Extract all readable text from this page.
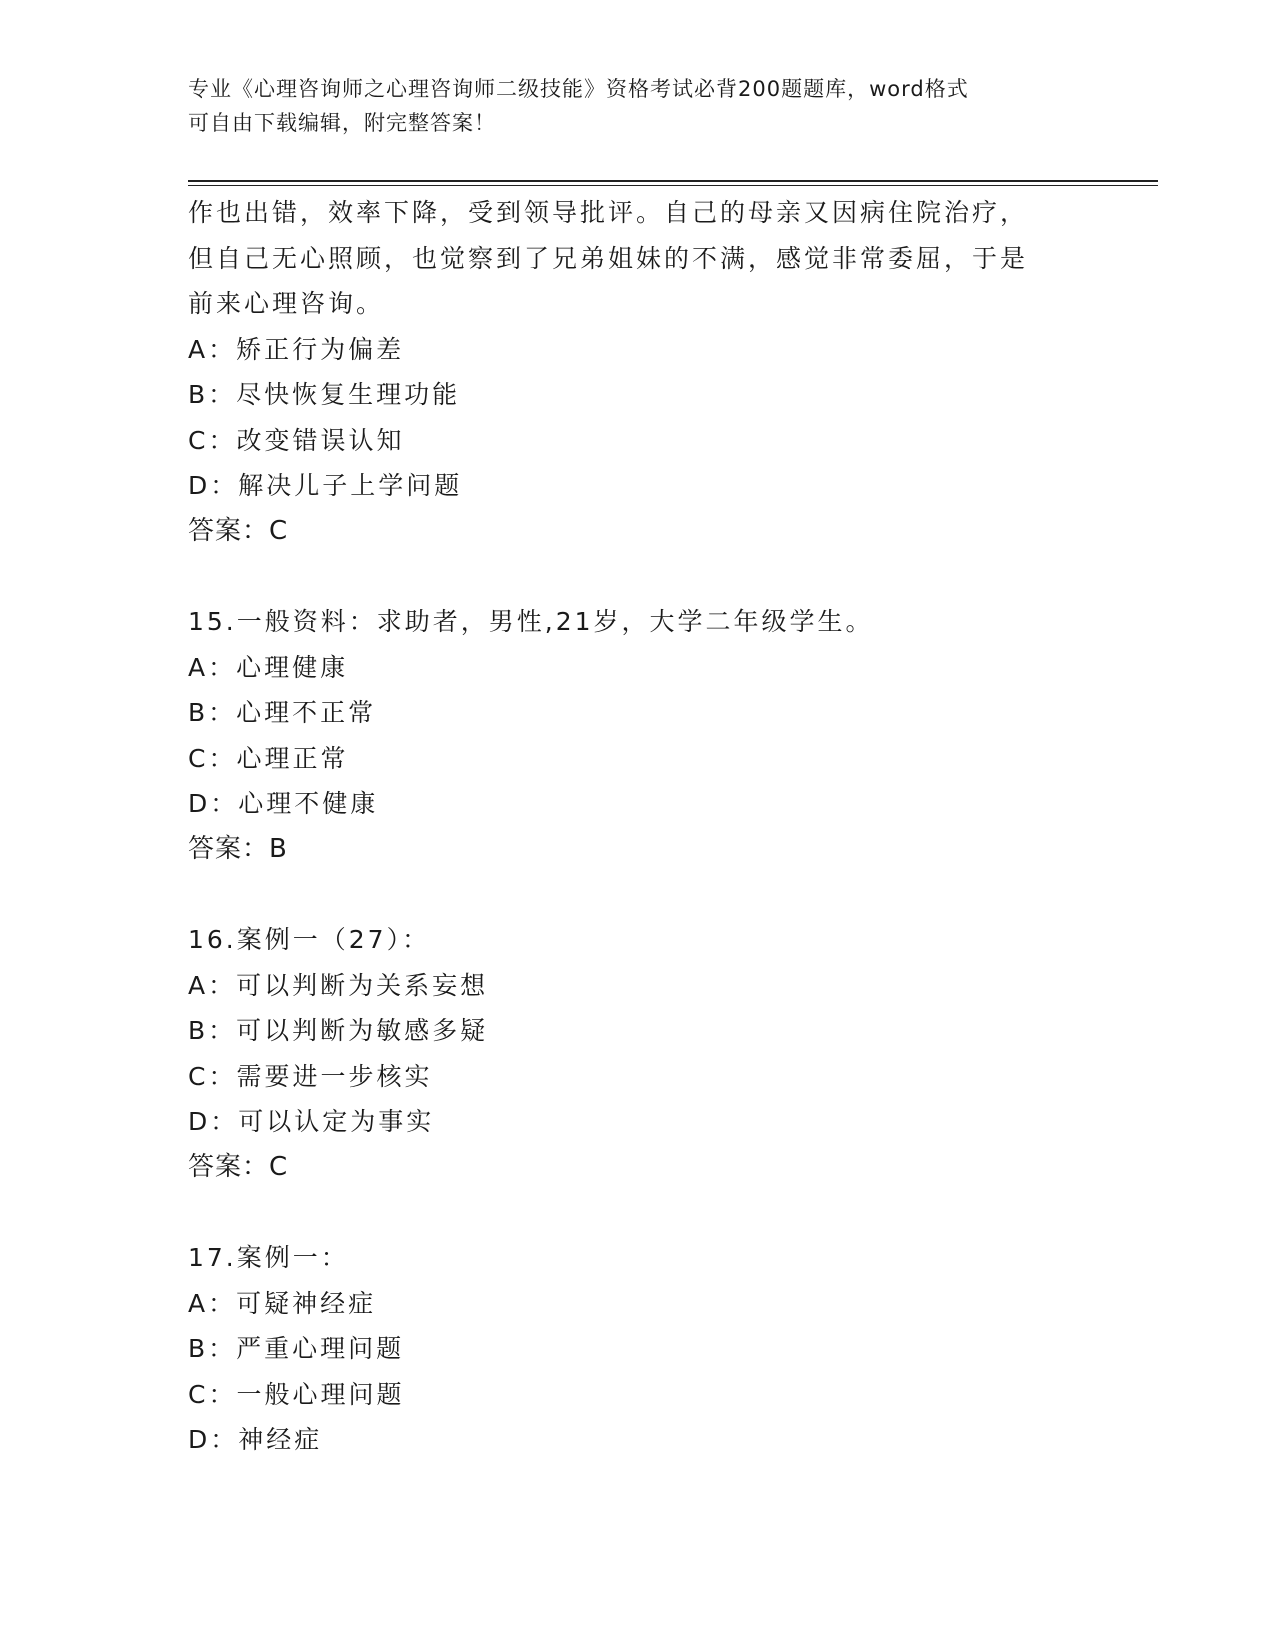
专业《心理咨询师之心理咨询师二级技能》资格考试必背200题题库，word格式
可自由下载编辑，附完整答案！
作也出错，效率下降，受到领导批评。自己的母亲又因病住院治疗，
但自己无心照顾，也觉察到了兄弟姐妹的不满，感觉非常委屈，于是
前来心理咨询。
A：矫正行为偏差
B：尽快恢复生理功能
C：改变错误认知
D：解决儿子上学问题
答案：C
15.一般资料：求助者，男性,21岁，大学二年级学生。
A：心理健康
B：心理不正常
C：心理正常
D：心理不健康
答案：B
16.案例一（27）：
A：可以判断为关系妄想
B：可以判断为敏感多疑
C：需要进一步核实
D：可以认定为事实
答案：C
17.案例一：
A：可疑神经症
B：严重心理问题
C：一般心理问题
D：神经症
